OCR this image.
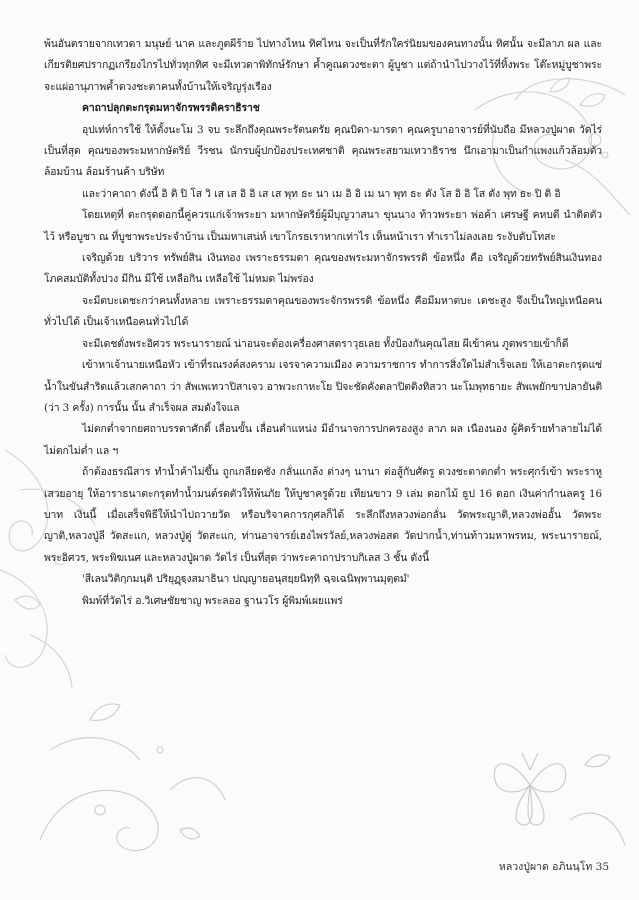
พ้นอันตรายจากเทวดา มนุษย์ นาค และภูตผีร้าย ไปทางไหน ทิศไหน จะเป็นที่รักใคร่นิยมของคนทางนั้น ทิศนั้น จะมีลาภ ผล และเกียรติยศปรากฏเกรียงไกรไปทั่วทุกทิศ จะมีเทวดาพิทักษ์รักษา ค้ำคูณดวงชะตา ผู้บูชา แต่ถ้านำไปวางไว้ที่หิ้งพระ โต๊ะหมู่บูชาพระ จะแผ่อานุภาพค้ำดวงชะตาคนทั้งบ้านให้เจริญรุ่งเรือง

คาถาปลุกตะกรุดมหาจักรพรรดิคราธิราช

อุปเท่ห์การใช้ ให้ตั้งนะโม 3 จบ ระลึกถึงคุณพระรัตนตรัย คุณบิดา-มารดา คุณครูบาอาจารย์ที่นับถือ มีหลวงปู่ผาด วัดไร่ เป็นที่สุด คุณของพระมหากษัตริย์ วีรชน นักรบผู้ปกป้องประเทศชาติ คุณพระสยามเทวาธิราช นึกเอามาเป็นกำแพงแก้วล้อมตัว ล้อมบ้าน ล้อมร้านค้า บริษัท

และว่าคาถา ดังนี้ อิ ติ ปิ โส วิ เส เส อิ อิ เส เส พุท ธะ นา เม อิ อิ เม นา พุท ธะ ตัง โส อิ อิ โส ตัง พุท ธะ ปิ ติ อิ

โดยเหตุที่ ตะกรุดดอกนี้คู่ควรแก่เจ้าพระยา มหากษัตริย์ผู้มีบุญวาสนา ขุนนาง ท้าวพระยา พ่อค้า เศรษฐี คหบดี นำติดตัวไว้ หรือบูชา ณ ที่บูชาพระประจำบ้าน เป็นมหาเสน่ห์ เขาโกรธเราหากเท่าไร เห็นหน้าเรา ทำเราไม่ลงเลย ระงับดับโทสะ

เจริญด้วย บริวาร ทรัพย์สิน เงินทอง เพราะธรรมดา คุณของพระมหาจักรพรรดิ ข้อหนึ่ง คือ เจริญด้วยทรัพย์สินเงินทอง โภคสมบัติทั้งปวง มีกิน มีใช้ เหลือกิน เหลือใช้ ไม่หมด ไม่พร่อง

จะมีตบะเดชะกว่าคนทั้งหลาย เพราะธรรมดาคุณของพระจักรพรรดิ ข้อหนึ่ง คือมีมหาตบะ เดชะสูง จึงเป็นใหญ่เหนือคนทั่วไปได้ เป็นเจ้าเหนือคนทั่วไปได้

จะมีเดชดั่งพระอิศวร พระนารายณ์ น่าอนจะต้องเครื่องศาสตราวุธเลย ทั้งป้องกันคุณไสย ผีเข้าคน ภูตพรายเข้าก็ดี

เข้าหาเจ้านายเหนือหัว เข้าที่รณรงค์สงคราม เจรจาความเมือง ความราชการ ทำการสิ่งใดไม่สำเร็จเลย ให้เอาตะกรุดแช่น้ำในขันสำริดแล้วเสกคาถา ว่า สัพเพเทวาปิสาเจว อาพวะกาหะโย ปิจะชัดคังตลาปิตติงทิสวา นะโมพุทธายะ สัพเพยักขาปลายันติ (ว่า 3 ครั้ง) การนั้น นั้น สำเร็จผล สมดังใจแล

ไม่ตกต่ำจากยศถาบรรดาศักดิ์ เลื่อนขั้น เลื่อนตำแหน่ง มีอำนาจการปกครองสูง ลาภ ผล เนืองนอง ผู้คิดร้ายทำลายไม่ได้ ไม่ตกไม่ต่ำ แล ฯ

ถ้าต้องธรณีสาร ทำน้ำค้าไม่ขึ้น ถูกเกลียดชัง กลั่นแกล้ง ต่างๆ นานา ต่อสู้กับศัตรู ดวงชะตาตกต่ำ พระศุกร์เข้า พระราหูเสวยอายุ ให้อาราธนาตะกรุดทำน้ำมนต์รดตัวให้พ้นภัย ให้บูชาครูด้วย เทียนขาว 9 เล่ม ดอกไม้ ธูป 16 ดอก เงินค่ากำนลครู 16 บาท เงินนี้ เมื่อเสร็จพิธีให้นำไปถวายวัด หรือบริจาคการกุศลก็ได้ ระลึกถึงหลวงพ่อกลั่น วัดพระญาติ,หลวงพ่ออั้น วัดพระญาติ,หลวงปู่ลี วัดสะแก, หลวงปู่ดู่ วัดสะแก, ท่านอาจารย์เฮงไพรวัลย์,หลวงพ่อสด วัดปากน้ำ,ท่านท้าวมหาพรหม, พระนารายณ์, พระอิศวร, พระพิฆเนศ และหลวงปู่ผาด วัดไร่ เป็นที่สุด ว่าพระคาถาปราบกิเลส 3 ชั้น ดังนี้

'สีเลนวิติกฺกมนฺติ ปริยุฏฺฐฺงสมาธินา ปญฺญายอนุสยฺยนิทฺทิ ฉฺจเฉนิพฺพานมุตฺตมํ'

พิมพ์ที่วัดไร่ อ.วิเศษชัยชาญ พระลออ ฐานวโร ผู้พิมพ์เผยแพร่

หลวงปู่ผาด อภินนฺโท 35
